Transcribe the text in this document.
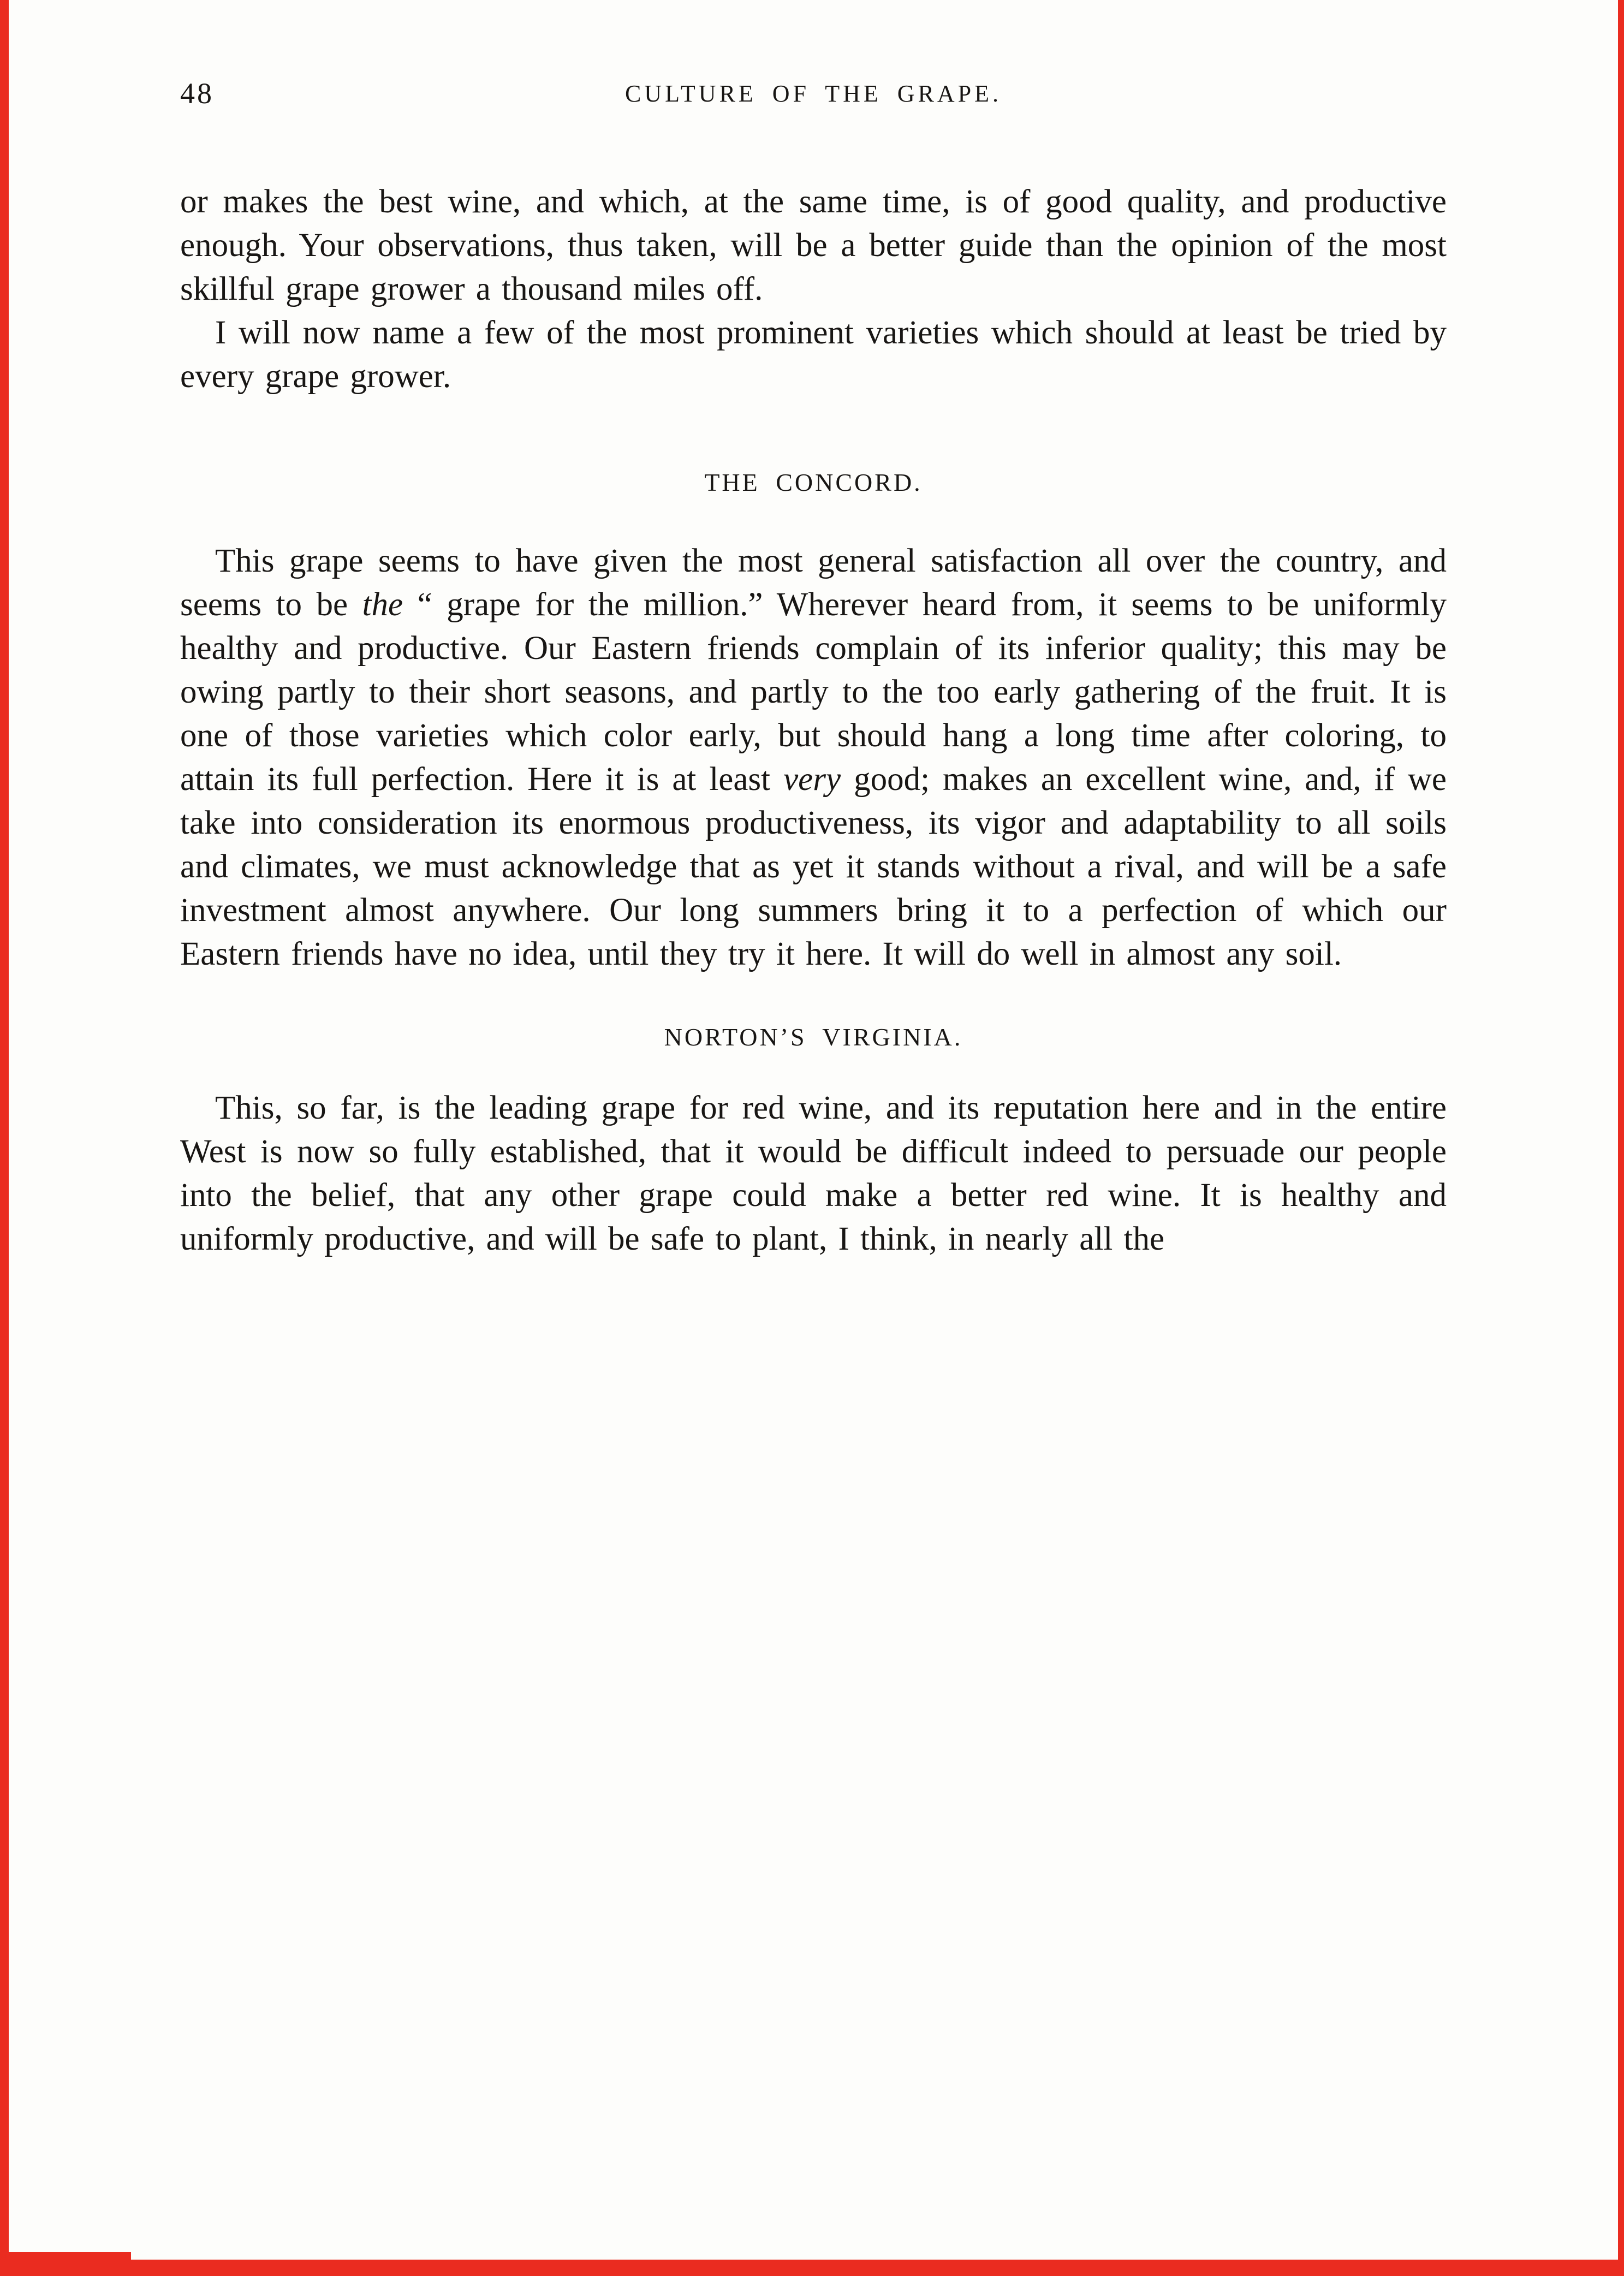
48	CULTURE OF THE GRAPE.

or makes the best wine, and which, at the same time, is of good quality, and productive enough. Your observations, thus taken, will be a better guide than the opinion of the most skillful grape grower a thousand miles off.

I will now name a few of the most prominent varieties which should at least be tried by every grape grower.

THE CONCORD.

This grape seems to have given the most general satisfaction all over the country, and seems to be the “ grape for the million.” Wherever heard from, it seems to be uniformly healthy and productive. Our Eastern friends complain of its inferior quality; this may be owing partly to their short seasons, and partly to the too early gathering of the fruit. It is one of those varieties which color early, but should hang a long time after coloring, to attain its full perfection. Here it is at least very good; makes an excellent wine, and, if we take into consideration its enormous productiveness, its vigor and adaptability to all soils and climates, we must acknowledge that as yet it stands without a rival, and will be a safe investment almost anywhere. Our long summers bring it to a perfection of which our Eastern friends have no idea, until they try it here. It will do well in almost any soil.

NORTON’S VIRGINIA.

This, so far, is the leading grape for red wine, and its reputation here and in the entire West is now so fully established, that it would be difficult indeed to persuade our people into the belief, that any other grape could make a better red wine. It is healthy and uniformly productive, and will be safe to plant, I think, in nearly all the
